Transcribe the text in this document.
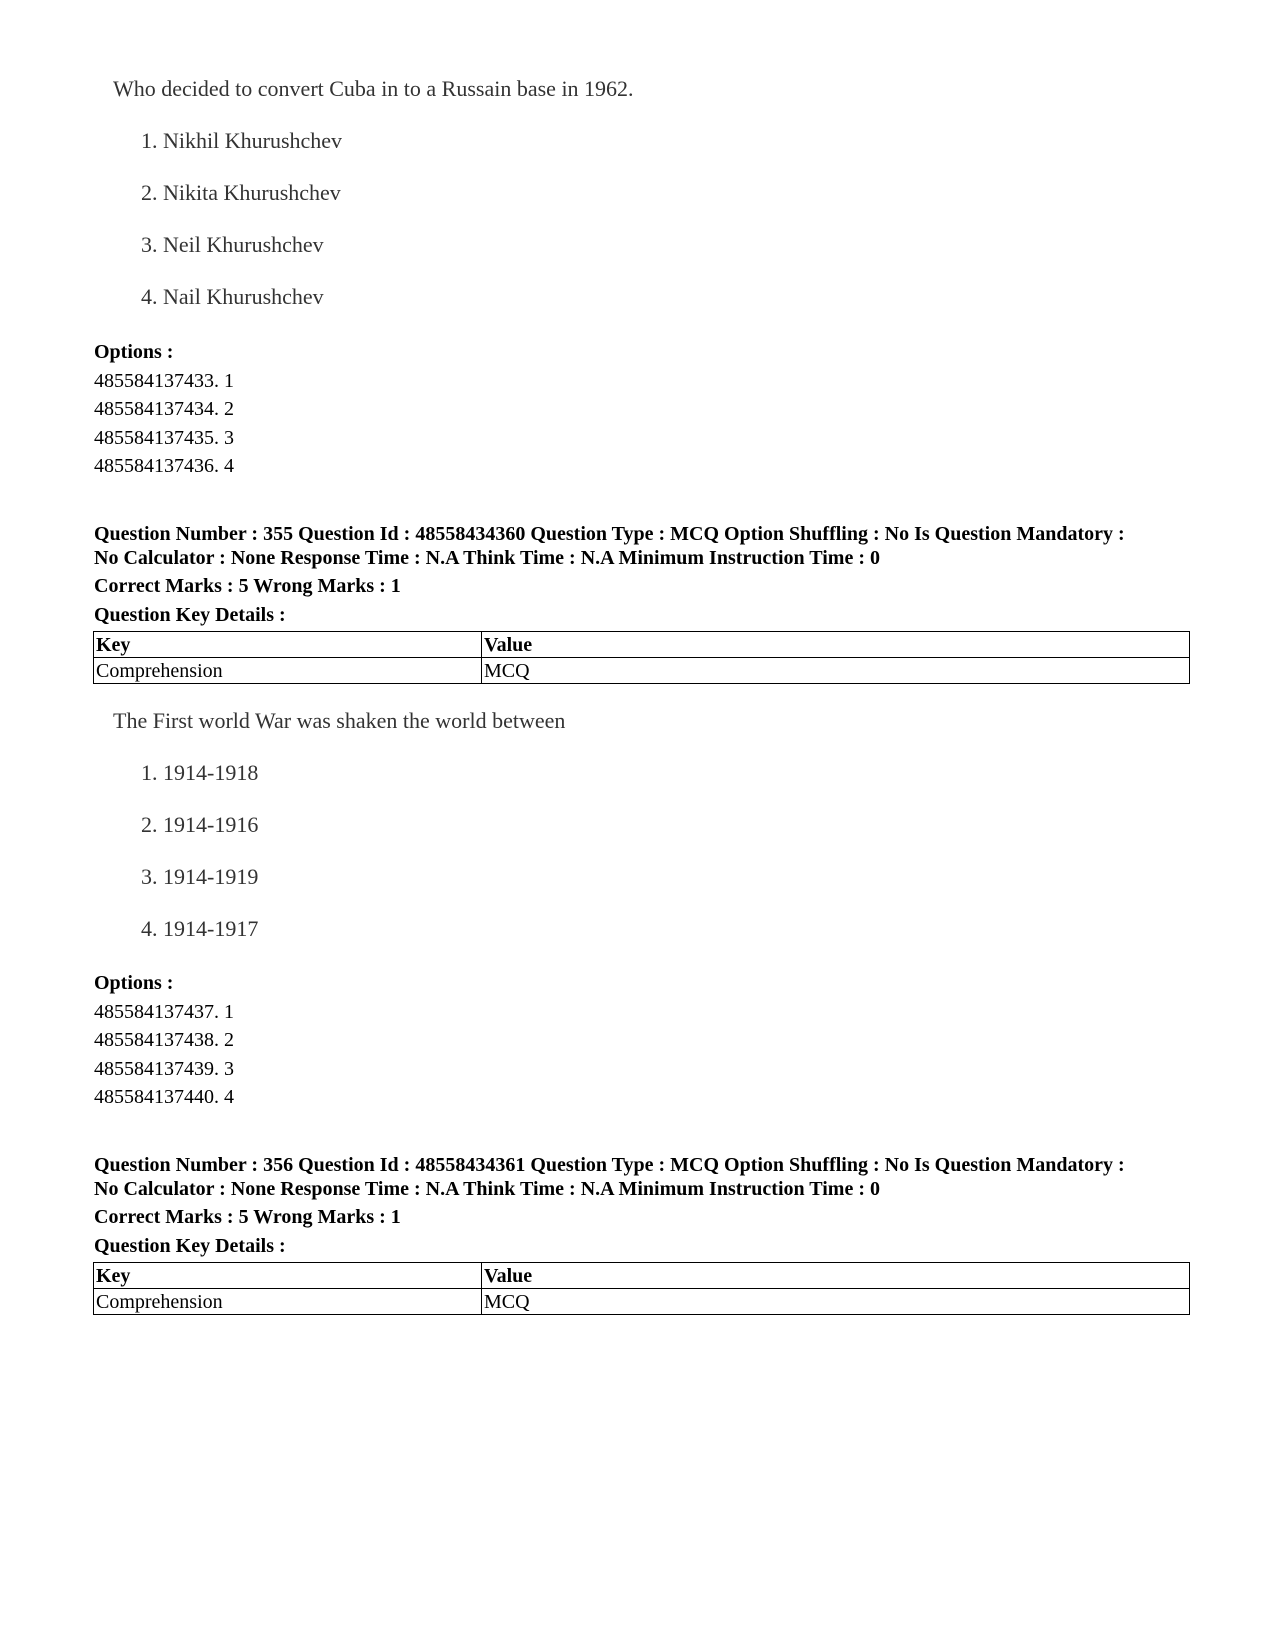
Who decided to convert Cuba in to a Russain base in 1962.
1. Nikhil Khurushchev
2. Nikita Khurushchev
3. Neil Khurushchev
4. Nail Khurushchev
Options :
485584137433. 1
485584137434. 2
485584137435. 3
485584137436. 4
Question Number : 355 Question Id : 48558434360 Question Type : MCQ Option Shuffling : No Is Question Mandatory :
No Calculator : None Response Time : N.A Think Time : N.A Minimum Instruction Time : 0
Correct Marks : 5 Wrong Marks : 1
Question Key Details :
Key	Value
Comprehension	MCQ
The First world War was shaken the world between
1. 1914-1918
2. 1914-1916
3. 1914-1919
4. 1914-1917
Options :
485584137437. 1
485584137438. 2
485584137439. 3
485584137440. 4
Question Number : 356 Question Id : 48558434361 Question Type : MCQ Option Shuffling : No Is Question Mandatory :
No Calculator : None Response Time : N.A Think Time : N.A Minimum Instruction Time : 0
Correct Marks : 5 Wrong Marks : 1
Question Key Details :
Key	Value
Comprehension	MCQ
